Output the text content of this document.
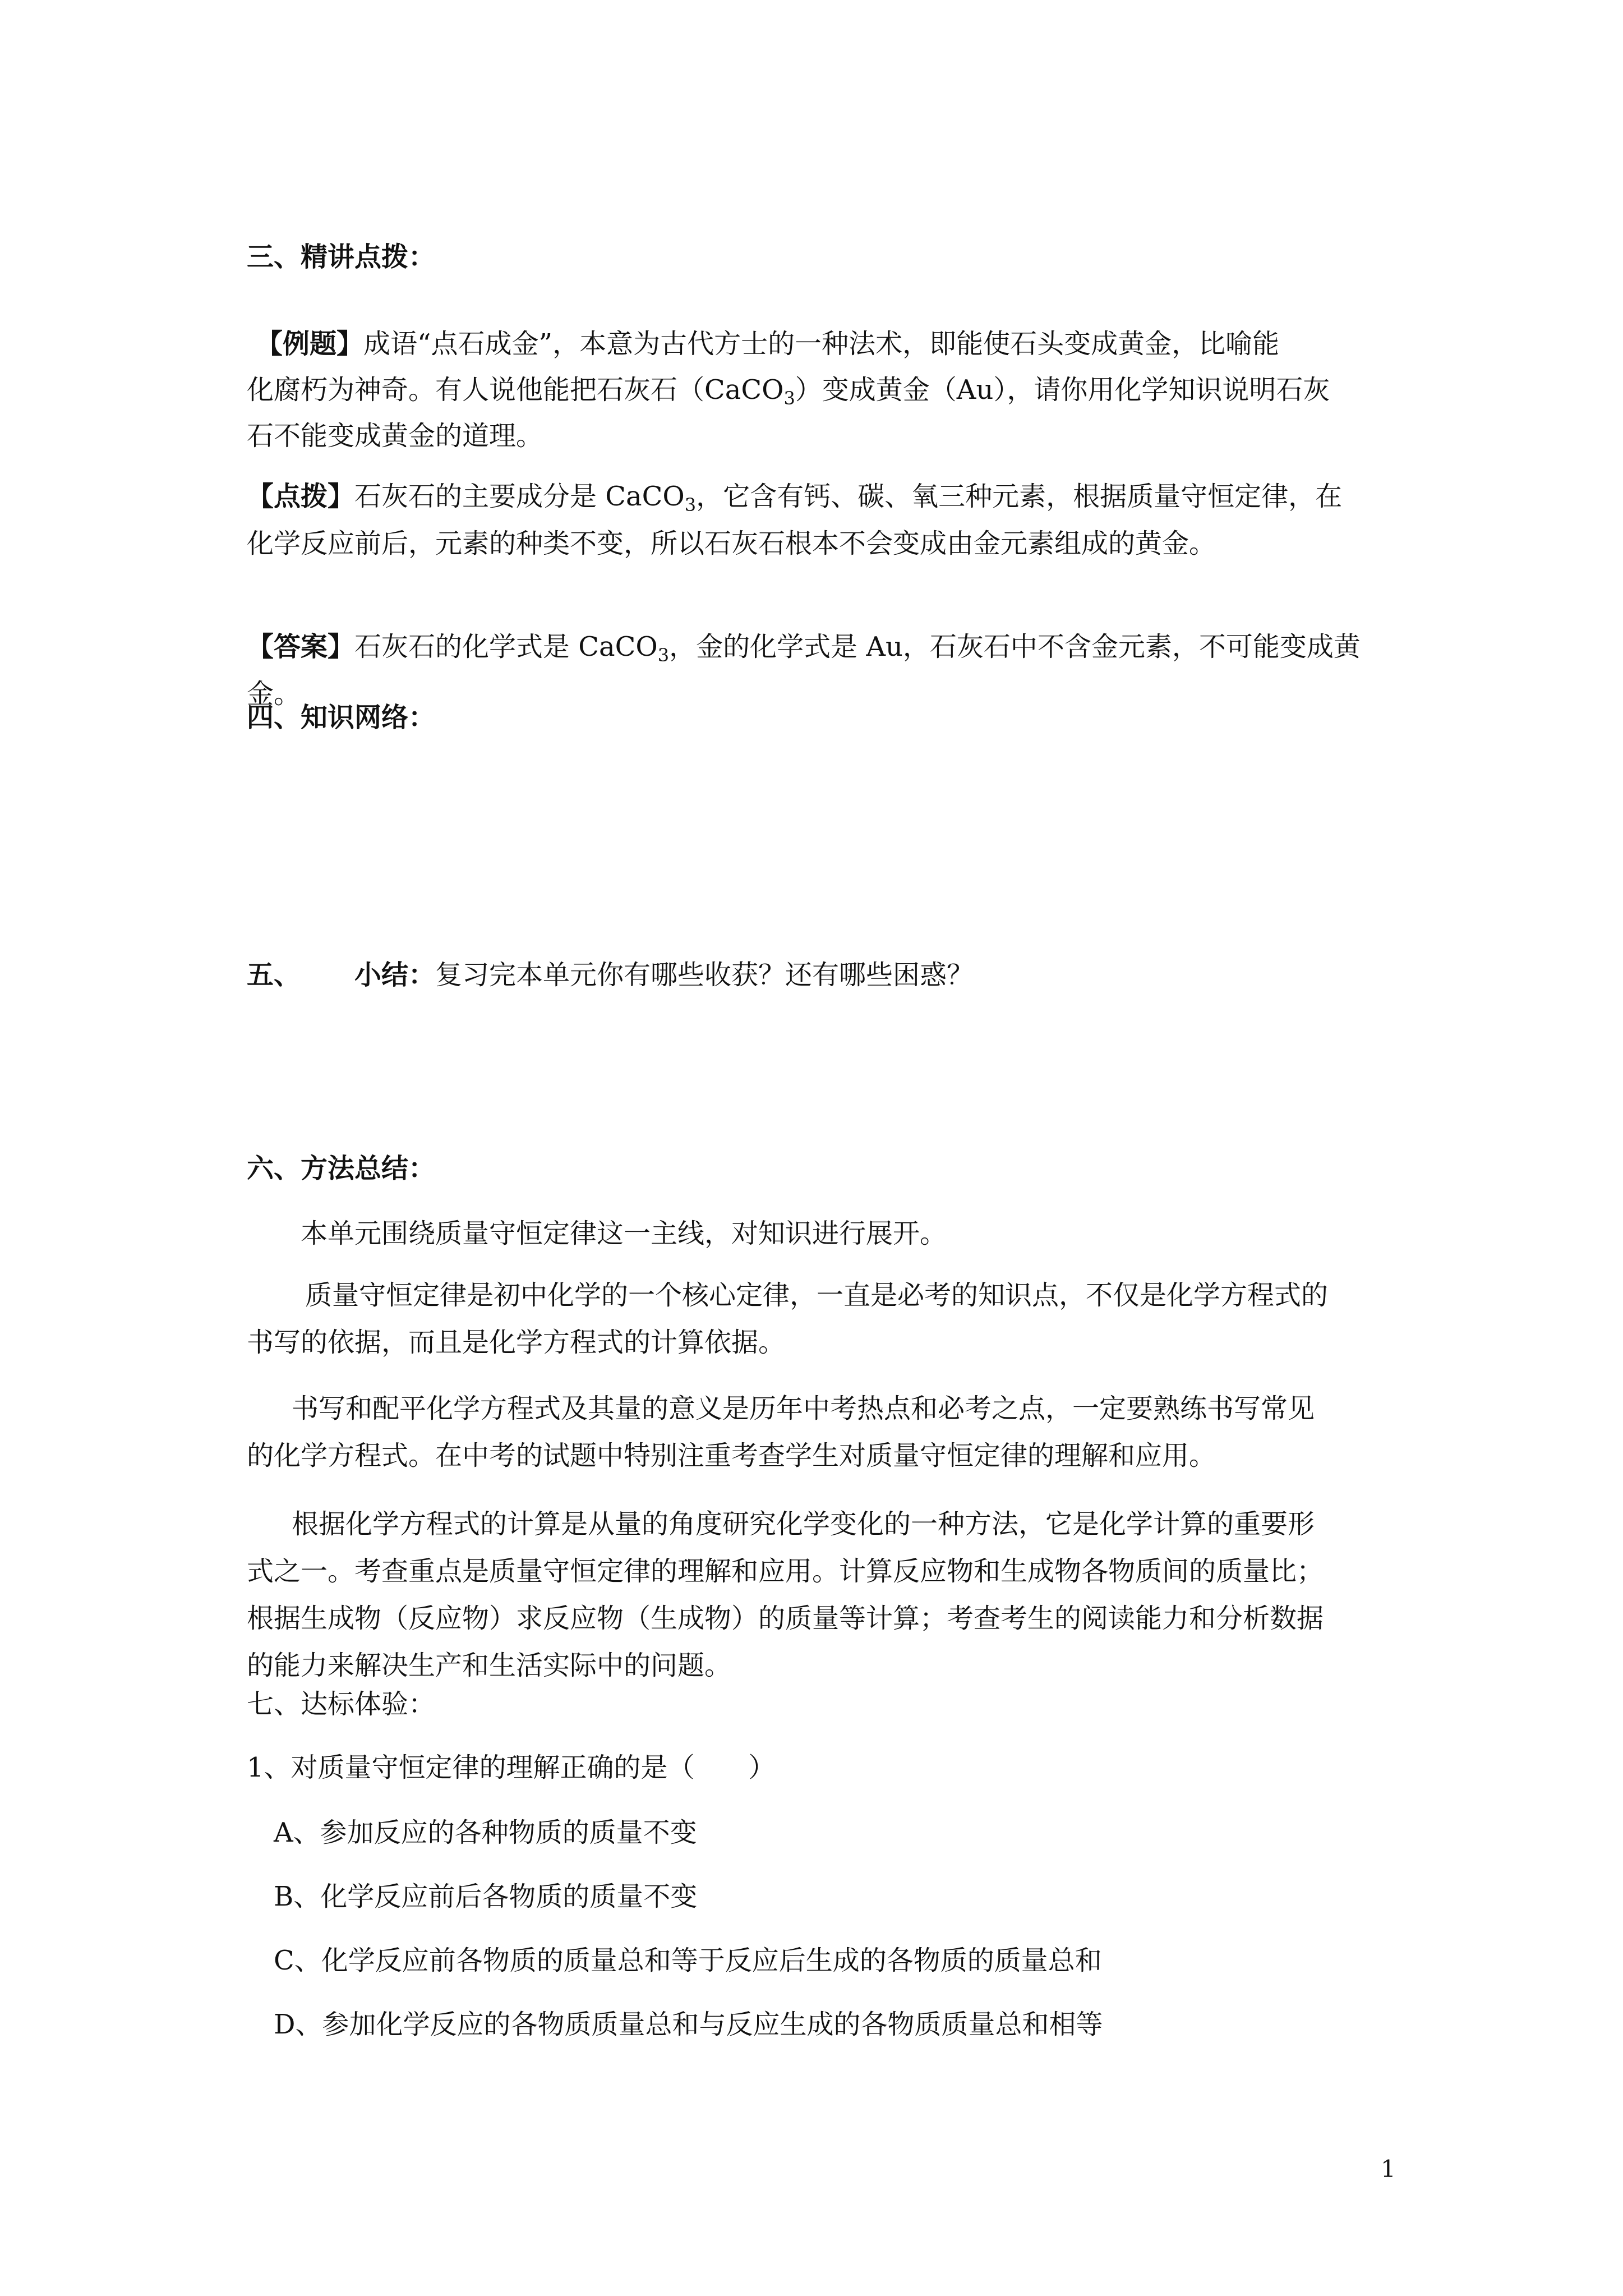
三、精讲点拨：
【例题】成语“点石成金”，本意为古代方士的一种法术，即能使石头变成黄金，比喻能
化腐朽为神奇。有人说他能把石灰石（CaCO$_3$）变成黄金（Au），请你用化学知识说明石灰
石不能变成黄金的道理。
【点拨】石灰石的主要成分是 CaCO$_3$，它含有钙、碳、氧三种元素，根据质量守恒定律，在
化学反应前后，元素的种类不变，所以石灰石根本不会变成由金元素组成的黄金。
【答案】石灰石的化学式是 CaCO$_3$，金的化学式是 Au，石灰石中不含金元素，不可能变成黄
金。
四、知识网络：
五、 小结：复习完本单元你有哪些收获？还有哪些困惑？
六、方法总结：
本单元围绕质量守恒定律这一主线，对知识进行展开。
质量守恒定律是初中化学的一个核心定律，一直是必考的知识点，不仅是化学方程式的
书写的依据，而且是化学方程式的计算依据。
书写和配平化学方程式及其量的意义是历年中考热点和必考之点，一定要熟练书写常见
的化学方程式。在中考的试题中特别注重考查学生对质量守恒定律的理解和应用。
根据化学方程式的计算是从量的角度研究化学变化的一种方法，它是化学计算的重要形
式之一。考查重点是质量守恒定律的理解和应用。计算反应物和生成物各物质间的质量比；
根据生成物（反应物）求反应物（生成物）的质量等计算；考查考生的阅读能力和分析数据
的能力来解决生产和生活实际中的问题。
七、达标体验：
1、对质量守恒定律的理解正确的是（　　）
A、参加反应的各种物质的质量不变
B、化学反应前后各物质的质量不变
C、化学反应前各物质的质量总和等于反应后生成的各物质的质量总和
D、参加化学反应的各物质质量总和与反应生成的各物质质量总和相等
1
